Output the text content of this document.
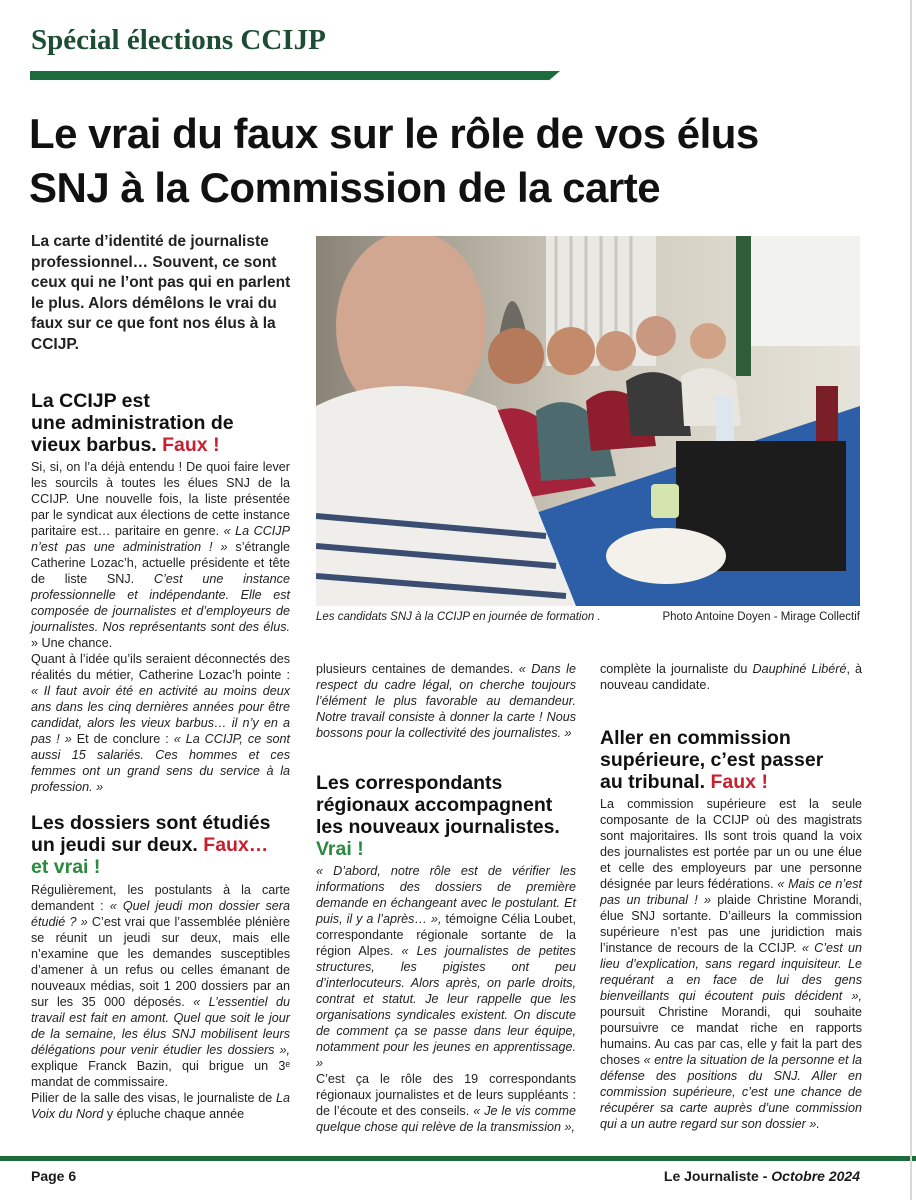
Spécial élections CCIJP
Le vrai du faux sur le rôle de vos élus
SNJ à la Commission de la carte
La carte d’identité de journaliste professionnel… Souvent, ce sont ceux qui ne l’ont pas qui en parlent le plus. Alors démêlons le vrai du faux sur ce que font nos élus à la CCIJP.
Les candidats SNJ à la CCIJP en journée de formation .	Photo Antoine Doyen - Mirage Collectif
La CCIJP est
une administration de
vieux barbus. Faux !

Si, si, on l’a déjà entendu ! De quoi faire lever les sourcils à toutes les élues SNJ de la CCIJP. Une nouvelle fois, la liste présentée par le syndicat aux élections de cette instance paritaire est… paritaire en genre. « La CCIJP n’est pas une administration ! » s’étrangle Catherine Lozac’h, actuelle présidente et tête de liste SNJ. C’est une instance professionnelle et indépendante. Elle est composée de journalistes et d’employeurs de journalistes. Nos représentants sont des élus. » Une chance.

Quant à l’idée qu’ils seraient déconnectés des réalités du métier, Catherine Lozac’h pointe : « Il faut avoir été en activité au moins deux ans dans les cinq dernières années pour être candidat, alors les vieux barbus… il n’y en a pas ! » Et de conclure : « La CCIJP, ce sont aussi 15 salariés. Ces hommes et ces femmes ont un grand sens du service à la profession. »

Les dossiers sont étudiés
un jeudi sur deux. Faux…
et vrai !

Régulièrement, les postulants à la carte demandent : « Quel jeudi mon dossier sera étudié ? » C’est vrai que l’assemblée plénière se réunit un jeudi sur deux, mais elle n’examine que les demandes susceptibles d’amener à un refus ou celles émanant de nouveaux médias, soit 1 200 dossiers par an sur les 35 000 déposés. « L’essentiel du travail est fait en amont. Quel que soit le jour de la semaine, les élus SNJ mobilisent leurs délégations pour venir étudier les dossiers », explique Franck Bazin, qui brigue un 3ᵉ mandat de commissaire.

Pilier de la salle des visas, le journaliste de La Voix du Nord y épluche chaque année

plusieurs centaines de demandes. « Dans le respect du cadre légal, on cherche toujours l’élément le plus favorable au demandeur. Notre travail consiste à donner la carte ! Nous bossons pour la collectivité des journalistes. »

Les correspondants
régionaux accompagnent
les nouveaux journalistes.
Vrai !

« D’abord, notre rôle est de vérifier les informations des dossiers de première demande en échangeant avec le postulant. Et puis, il y a l’après… », témoigne Célia Loubet, correspondante régionale sortante de la région Alpes. « Les journalistes de petites structures, les pigistes ont peu d’interlocuteurs. Alors après, on parle droits, contrat et statut. Je leur rappelle que les organisations syndicales existent. On discute de comment ça se passe dans leur équipe, notamment pour les jeunes en apprentissage. »

C’est ça le rôle des 19 correspondants régionaux journalistes et de leurs suppléants : de l’écoute et des conseils. « Je le vis comme quelque chose qui relève de la transmission »,

complète la journaliste du Dauphiné Libéré, à nouveau candidate.

Aller en commission
supérieure, c’est passer
au tribunal. Faux !

La commission supérieure est la seule composante de la CCIJP où des magistrats sont majoritaires. Ils sont trois quand la voix des journalistes est portée par un ou une élue et celle des employeurs par une personne désignée par leurs fédérations. « Mais ce n’est pas un tribunal ! » plaide Christine Morandi, élue SNJ sortante. D’ailleurs la commission supérieure n’est pas une juridiction mais l’instance de recours de la CCIJP. « C’est un lieu d’explication, sans regard inquisiteur. Le requérant a en face de lui des gens bienveillants qui écoutent puis décident », poursuit Christine Morandi, qui souhaite poursuivre ce mandat riche en rapports humains. Au cas par cas, elle y fait la part des choses « entre la situation de la personne et la défense des positions du SNJ. Aller en commission supérieure, c’est une chance de récupérer sa carte auprès d’une commission qui a un autre regard sur son dossier ».

Page 6	Le Journaliste - Octobre 2024
